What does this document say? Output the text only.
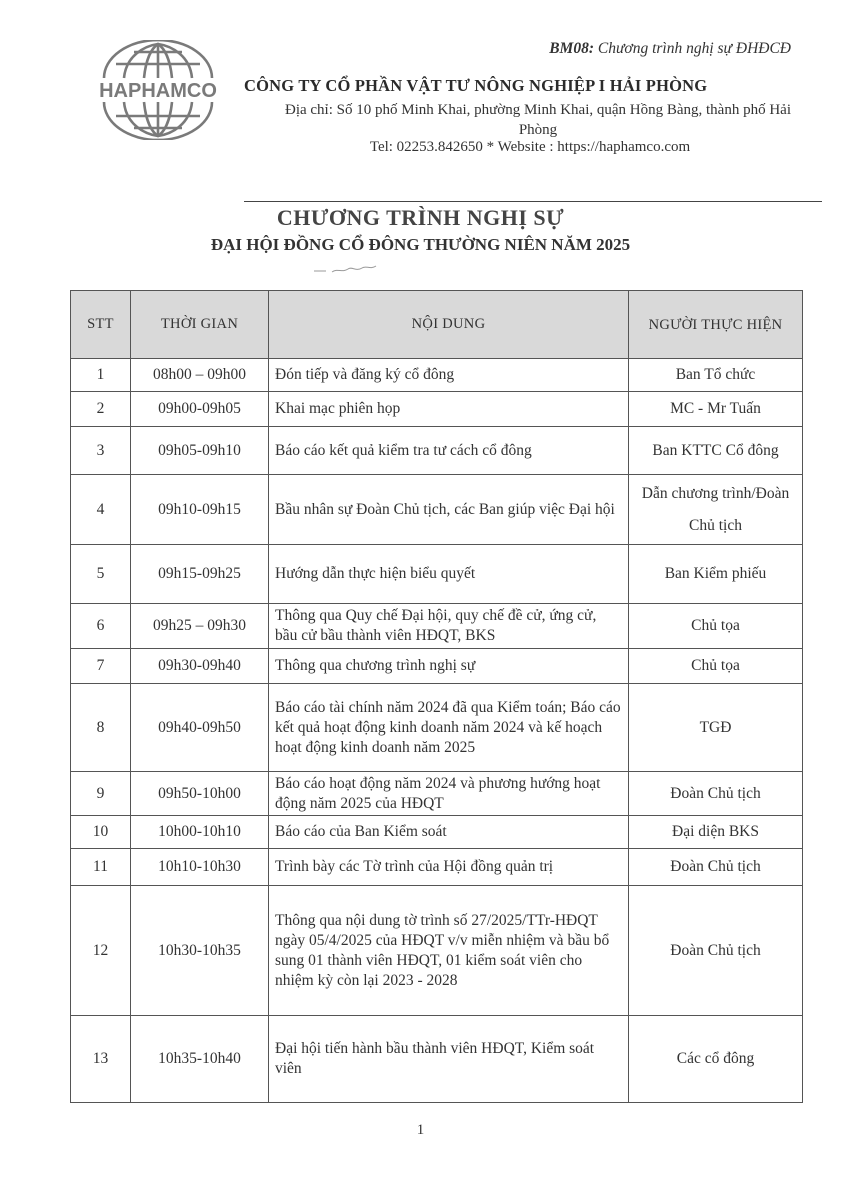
BM08: Chương trình nghị sự ĐHĐCĐ
HAPHAMCO CÔNG TY CỔ PHẦN VẬT TƯ NÔNG NGHIỆP I HẢI PHÒNG
Địa chỉ: Số 10 phố Minh Khai, phường Minh Khai, quận Hồng Bàng, thành phố Hải Phòng
Tel: 02253.842650 * Website : https://haphamco.com
CHƯƠNG TRÌNH NGHỊ SỰ
ĐẠI HỘI ĐỒNG CỔ ĐÔNG THƯỜNG NIÊN NĂM 2025
STT	THỜI GIAN	NỘI DUNG	NGƯỜI THỰC HIỆN
1	08h00 – 09h00	Đón tiếp và đăng ký cổ đông	Ban Tổ chức
2	09h00-09h05	Khai mạc phiên họp	MC - Mr Tuấn
3	09h05-09h10	Báo cáo kết quả kiểm tra tư cách cổ đông	Ban KTTC Cổ đông
4	09h10-09h15	Bầu nhân sự Đoàn Chủ tịch, các Ban giúp việc Đại hội	Dẫn chương trình/Đoàn Chủ tịch
5	09h15-09h25	Hướng dẫn thực hiện biểu quyết	Ban Kiểm phiếu
6	09h25 – 09h30	Thông qua Quy chế Đại hội, quy chế đề cử, ứng cử, bầu cử bầu thành viên HĐQT, BKS	Chủ tọa
7	09h30-09h40	Thông qua chương trình nghị sự	Chủ tọa
8	09h40-09h50	Báo cáo tài chính năm 2024 đã qua Kiểm toán; Báo cáo kết quả hoạt động kinh doanh năm 2024 và kế hoạch hoạt động kinh doanh năm 2025	TGĐ
9	09h50-10h00	Báo cáo hoạt động năm 2024 và phương hướng hoạt động năm 2025 của HĐQT	Đoàn Chủ tịch
10	10h00-10h10	Báo cáo của Ban Kiểm soát	Đại diện BKS
11	10h10-10h30	Trình bày các Tờ trình của Hội đồng quản trị	Đoàn Chủ tịch
12	10h30-10h35	Thông qua nội dung tờ trình số 27/2025/TTr-HĐQT ngày 05/4/2025 của HĐQT v/v miễn nhiệm và bầu bổ sung 01 thành viên HĐQT, 01 kiểm soát viên cho nhiệm kỳ còn lại 2023 - 2028	Đoàn Chủ tịch
13	10h35-10h40	Đại hội tiến hành bầu thành viên HĐQT, Kiểm soát viên	Các cổ đông
1
